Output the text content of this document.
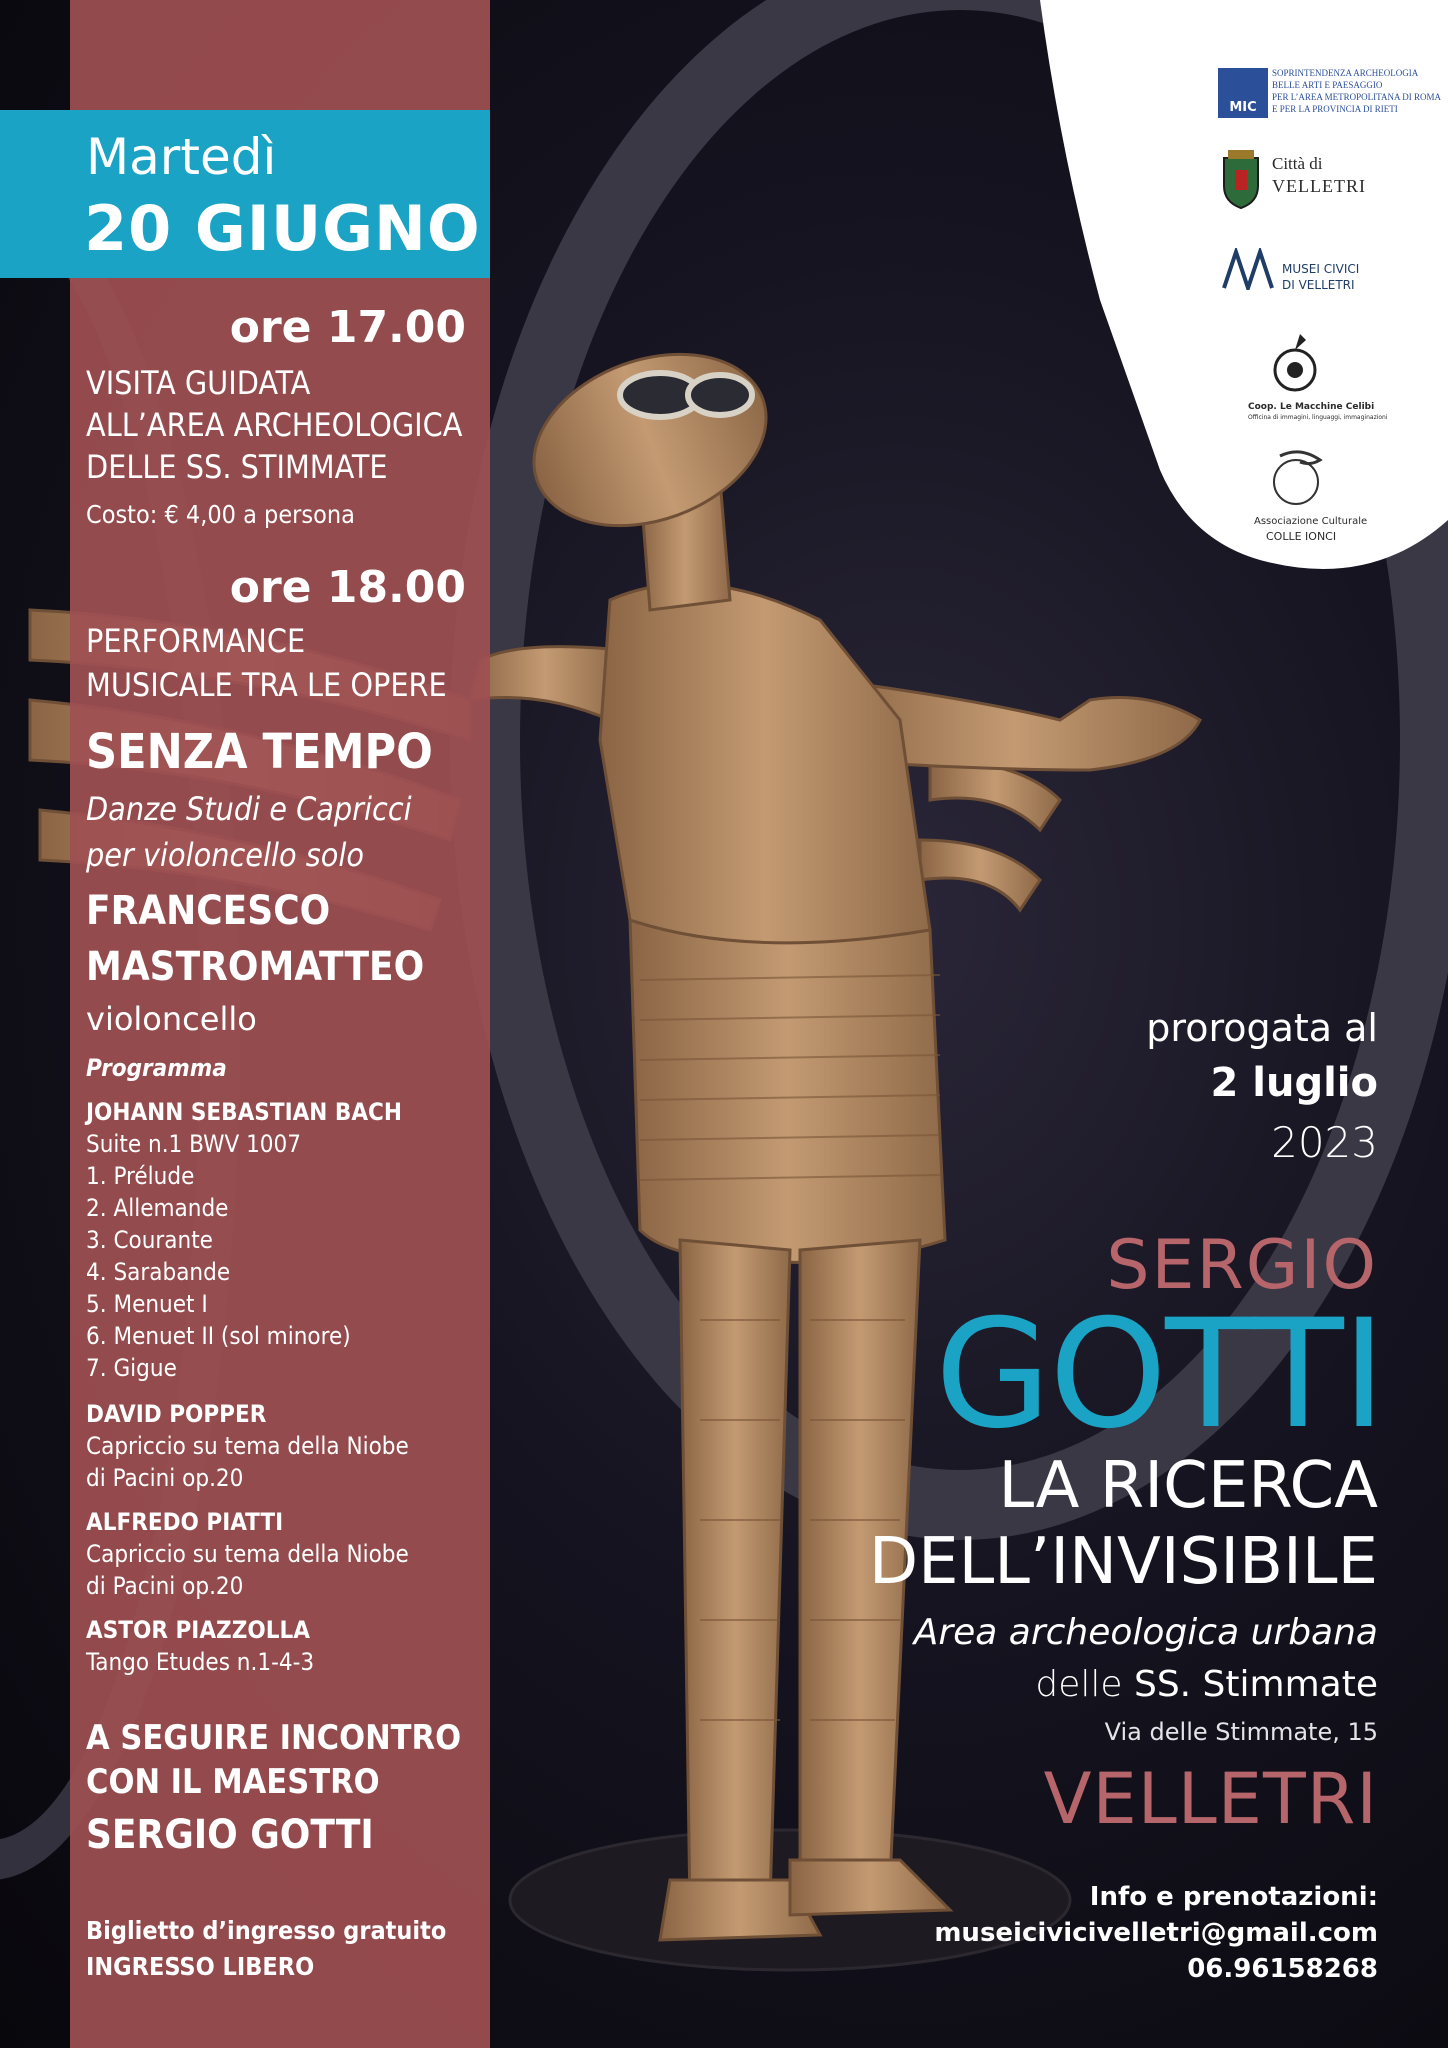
MIC
SOPRINTENDENZA ARCHEOLOGIA
BELLE ARTI E PAESAGGIO
PER L’AREA METROPOLITANA DI ROMA
E PER LA PROVINCIA DI RIETI
Città di
VELLETRI
MUSEI CIVICI
DI VELLETRI
Coop. Le Macchine Celibi
Officina di immagini, linguaggi, immaginazioni
Associazione Culturale
COLLE IONCI
Martedì
20 GIUGNO
ore 17.00
VISITA GUIDATA
ALL’AREA ARCHEOLOGICA
DELLE SS. STIMMATE
Costo: € 4,00 a persona
ore 18.00
PERFORMANCE
MUSICALE TRA LE OPERE
SENZA TEMPO
Danze Studi e Capricci
per violoncello solo
FRANCESCO
MASTROMATTEO
violoncello
Programma
JOHANN SEBASTIAN BACH
Suite n.1 BWV 1007
1. Prélude
2. Allemande
3. Courante
4. Sarabande
5. Menuet I
6. Menuet II (sol minore)
7. Gigue
DAVID POPPER
Capriccio su tema della Niobe
di Pacini op.20
ALFREDO PIATTI
Capriccio su tema della Niobe
di Pacini op.20
ASTOR PIAZZOLLA
Tango Etudes n.1-4-3
A SEGUIRE INCONTRO
CON IL MAESTRO
SERGIO GOTTI
Biglietto d’ingresso gratuito
INGRESSO LIBERO
prorogata al
2 luglio
2023
SERGIO
GOTTI
LA RICERCA
DELL’INVISIBILE
Area archeologica urbana
delle SS. Stimmate
Via delle Stimmate, 15
VELLETRI
Info e prenotazioni:
museicivicivelletri@gmail.com
06.96158268
